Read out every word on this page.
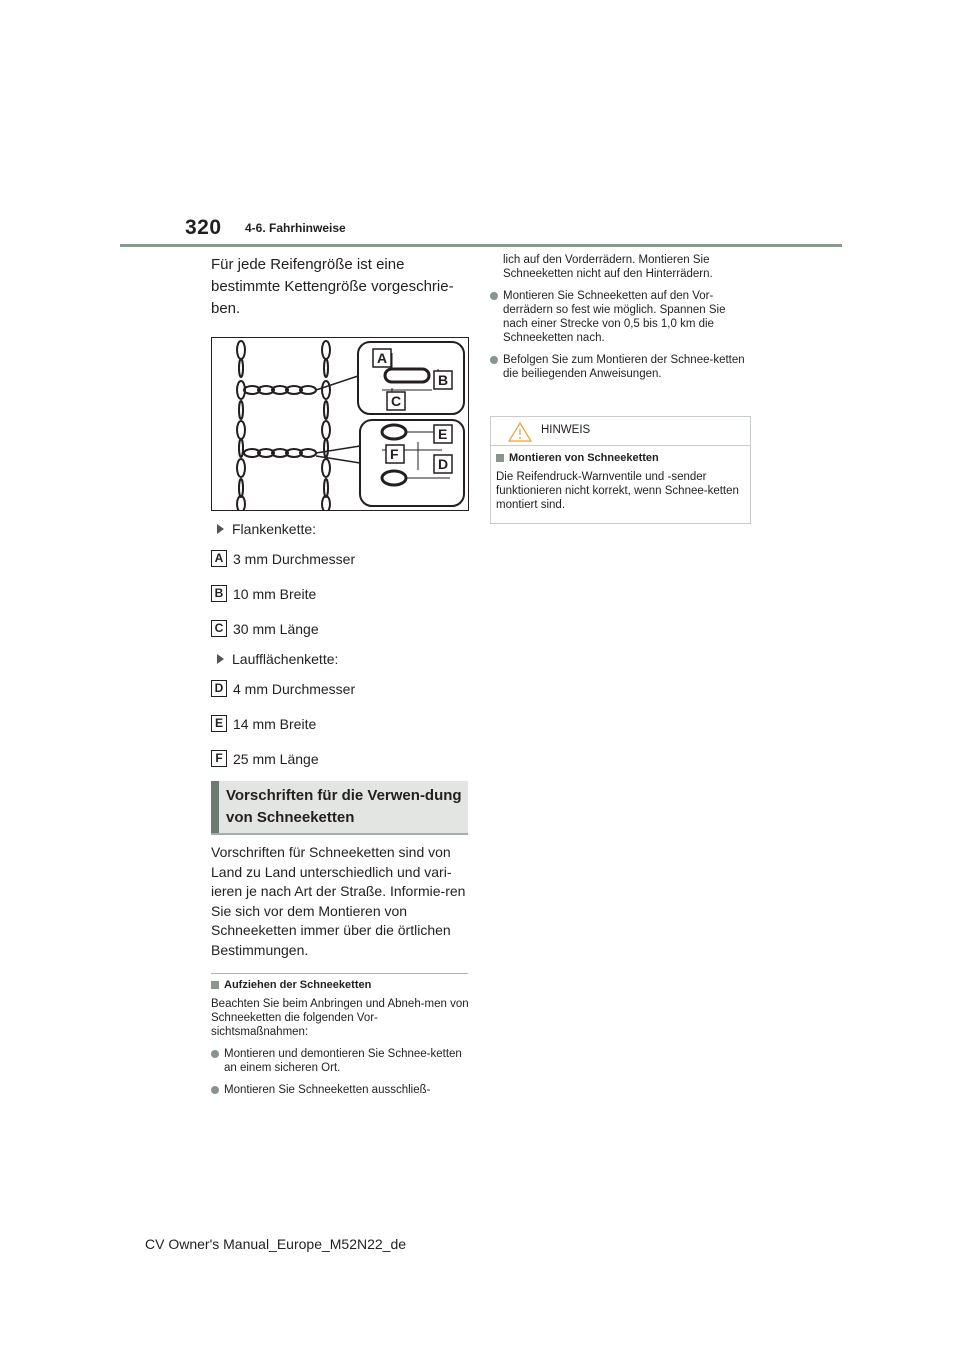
320 4-6. Fahrhinweise

Für jede Reifengröße ist eine bestimmte Kettengröße vorgeschrie-ben.

A
B
C
E
F
D

Flankenkette:

A 3 mm Durchmesser

B 10 mm Breite

C 30 mm Länge

Laufflächenkette:

D 4 mm Durchmesser

E 14 mm Breite

F 25 mm Länge

Vorschriften für die Verwen-dung von Schneeketten

Vorschriften für Schneeketten sind von Land zu Land unterschiedlich und vari-ieren je nach Art der Straße. Informie-ren Sie sich vor dem Montieren von Schneeketten immer über die örtlichen Bestimmungen.

Aufziehen der Schneeketten

Beachten Sie beim Anbringen und Abneh-men von Schneeketten die folgenden Vor-sichtsmaßnahmen:

Montieren und demontieren Sie Schnee-ketten an einem sicheren Ort.
Montieren Sie Schneeketten ausschließ-

lich auf den Vorderrädern. Montieren Sie Schneeketten nicht auf den Hinterrädern.

Montieren Sie Schneeketten auf den Vor-derrädern so fest wie möglich. Spannen Sie nach einer Strecke von 0,5 bis 1,0 km die Schneeketten nach.
Befolgen Sie zum Montieren der Schnee-ketten die beiliegenden Anweisungen.
HINWEIS
Montieren von Schneeketten

Die Reifendruck-Warnventile und -sender funktionieren nicht korrekt, wenn Schnee-ketten montiert sind.

CV Owner's Manual_Europe_M52N22_de
